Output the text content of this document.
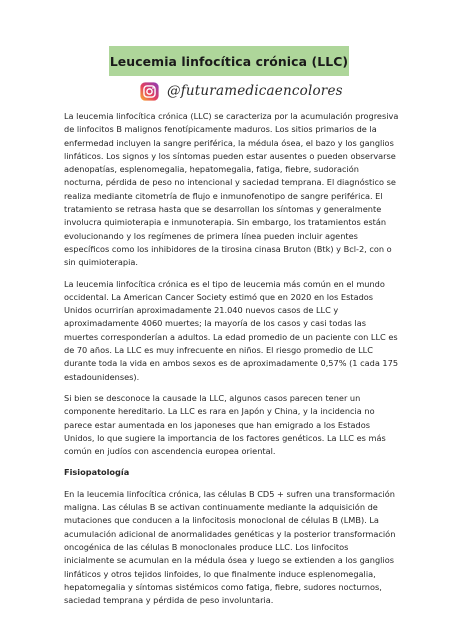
Leucemia linfocítica crónica (LLC)
@futuramedicaencolores

La leucemia linfocítica crónica (LLC) se caracteriza por la acumulación progresiva de linfocitos B malignos fenotípicamente maduros. Los sitios primarios de la enfermedad incluyen la sangre periférica, la médula ósea, el bazo y los ganglios linfáticos. Los signos y los síntomas pueden estar ausentes o pueden observarse adenopatías, esplenomegalia, hepatomegalia, fatiga, fiebre, sudoración nocturna, pérdida de peso no intencional y saciedad temprana. El diagnóstico se realiza mediante citometría de flujo e inmunofenotipo de sangre periférica. El tratamiento se retrasa hasta que se desarrollan los síntomas y generalmente involucra quimioterapia e inmunoterapia. Sin embargo, los tratamientos están evolucionando y los regímenes de primera línea pueden incluir agentes específicos como los inhibidores de la tirosina cinasa Bruton (Btk) y Bcl-2, con o sin quimioterapia.

La leucemia linfocítica crónica es el tipo de leucemia más común en el mundo occidental. La American Cancer Society estimó que en 2020 en los Estados Unidos ocurrirían aproximadamente 21.040 nuevos casos de LLC y aproximadamente 4060 muertes; la mayoría de los casos y casi todas las muertes corresponderían a adultos. La edad promedio de un paciente con LLC es de 70 años. La LLC es muy infrecuente en niños. El riesgo promedio de LLC durante toda la vida en ambos sexos es de aproximadamente 0,57% (1 cada 175 estadounidenses).

Si bien se desconoce la causade la LLC, algunos casos parecen tener un componente hereditario. La LLC es rara en Japón y China, y la incidencia no parece estar aumentada en los japoneses que han emigrado a los Estados Unidos, lo que sugiere la importancia de los factores genéticos. La LLC es más común en judíos con ascendencia europea oriental.

Fisiopatología

En la leucemia linfocítica crónica, las células B CD5 + sufren una transformación maligna. Las células B se activan continuamente mediante la adquisición de mutaciones que conducen a la linfocitosis monoclonal de células B (LMB). La acumulación adicional de anormalidades genéticas y la posterior transformación oncogénica de las células B monoclonales produce LLC. Los linfocitos inicialmente se acumulan en la médula ósea y luego se extienden a los ganglios linfáticos y otros tejidos linfoides, lo que finalmente induce esplenomegalia, hepatomegalia y síntomas sistémicos como fatiga, fiebre, sudores nocturnos, saciedad temprana y pérdida de peso involuntaria.
